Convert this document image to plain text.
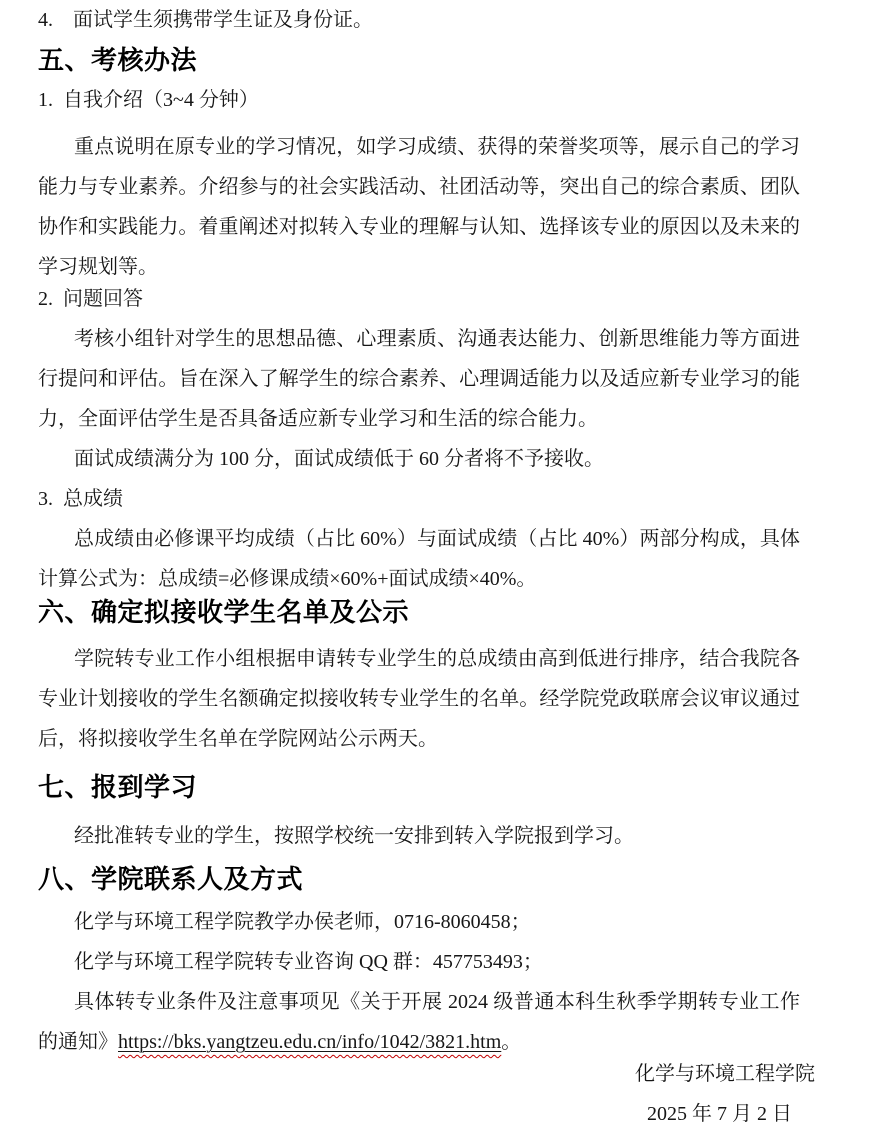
4. 面试学生须携带学生证及身份证。
五、考核办法
1. 自我介绍（3~4 分钟）
重点说明在原专业的学习情况，如学习成绩、获得的荣誉奖项等，展示自己的学习能力与专业素养。介绍参与的社会实践活动、社团活动等，突出自己的综合素质、团队协作和实践能力。着重阐述对拟转入专业的理解与认知、选择该专业的原因以及未来的学习规划等。
2. 问题回答
考核小组针对学生的思想品德、心理素质、沟通表达能力、创新思维能力等方面进行提问和评估。旨在深入了解学生的综合素养、心理调适能力以及适应新专业学习的能力，全面评估学生是否具备适应新专业学习和生活的综合能力。
面试成绩满分为 100 分，面试成绩低于 60 分者将不予接收。
3. 总成绩
总成绩由必修课平均成绩（占比 60%）与面试成绩（占比 40%）两部分构成，具体计算公式为：总成绩=必修课成绩×60%+面试成绩×40%。
六、确定拟接收学生名单及公示
学院转专业工作小组根据申请转专业学生的总成绩由高到低进行排序，结合我院各专业计划接收的学生名额确定拟接收转专业学生的名单。经学院党政联席会议审议通过后，将拟接收学生名单在学院网站公示两天。
七、报到学习
经批准转专业的学生，按照学校统一安排到转入学院报到学习。
八、学院联系人及方式
化学与环境工程学院教学办侯老师，0716-8060458；
化学与环境工程学院转专业咨询 QQ 群：457753493；
具体转专业条件及注意事项见《关于开展 2024 级普通本科生秋季学期转专业工作的通知》https://bks.yangtzeu.edu.cn/info/1042/3821.htm。
化学与环境工程学院
2025 年 7 月 2 日
